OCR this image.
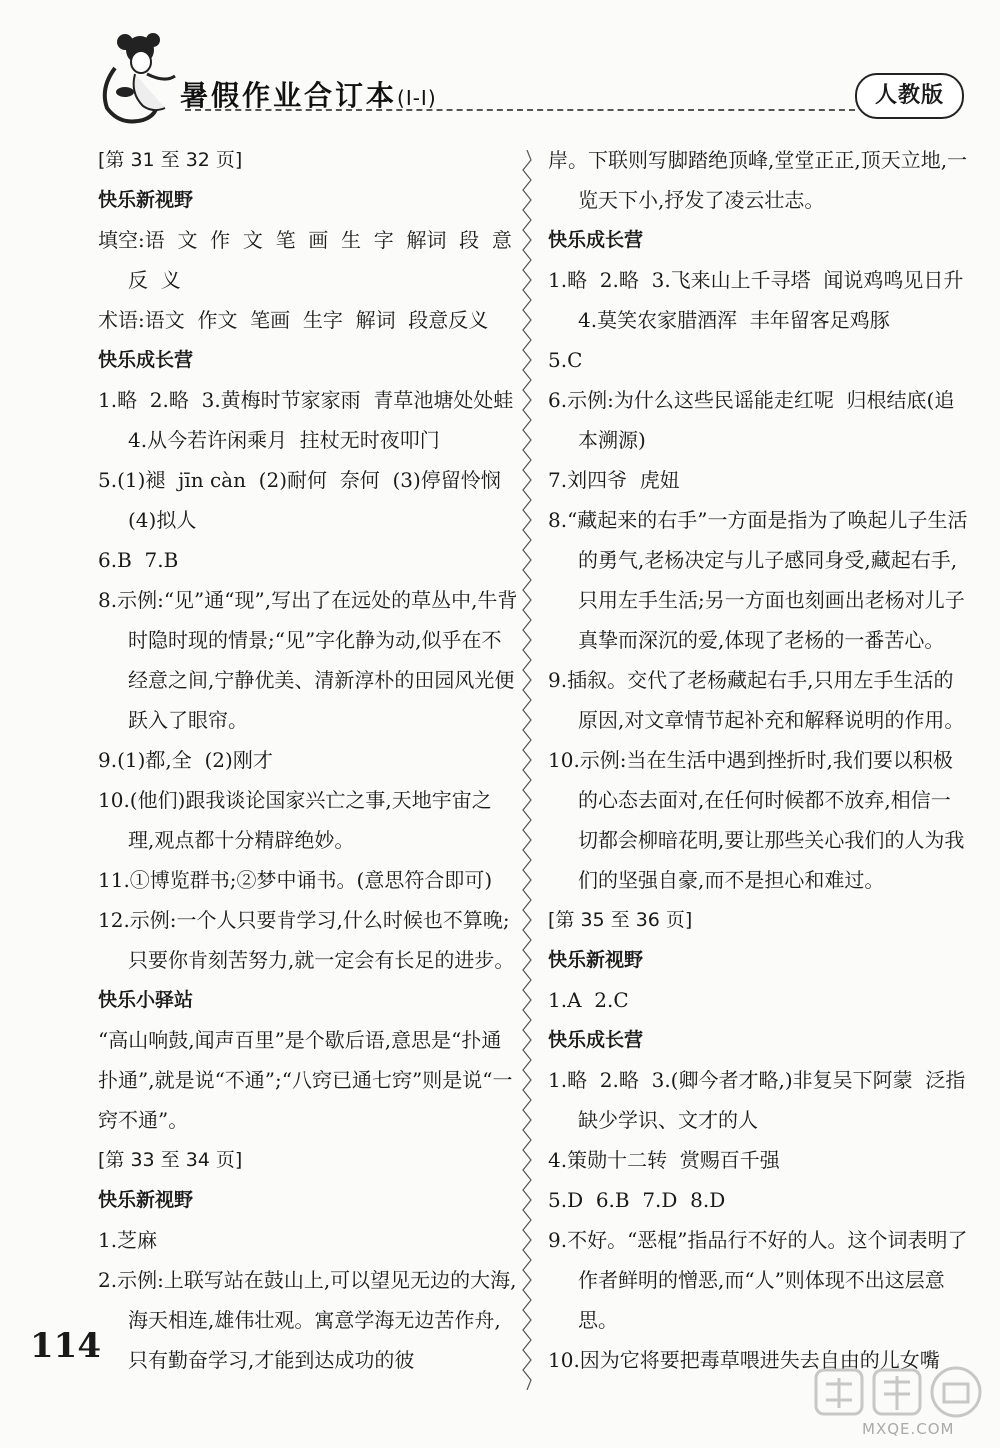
暑假作业合订本(Ⅰ-Ⅰ)	人教版
[第 31 至 32 页]
快乐新视野
填空:语  文  作  文  笔  画  生  字  解词  段  意  反  义
术语:语文  作文  笔画  生字  解词  段意反义
快乐成长营
1.略  2.略  3.黄梅时节家家雨  青草池塘处处蛙  4.从今若许闲乘月  拄杖无时夜叩门
5.(1)褪  jīn càn  (2)耐何  奈何  (3)停留怜悯  (4)拟人
6.B  7.B
8.示例:“见”通“现”,写出了在远处的草丛中,牛背时隐时现的情景;“见”字化静为动,似乎在不经意之间,宁静优美、清新淳朴的田园风光便跃入了眼帘。
9.(1)都,全  (2)刚才
10.(他们)跟我谈论国家兴亡之事,天地宇宙之理,观点都十分精辟绝妙。
11.①博览群书;②梦中诵书。(意思符合即可)
12.示例:一个人只要肯学习,什么时候也不算晚;只要你肯刻苦努力,就一定会有长足的进步。
快乐小驿站
“高山响鼓,闻声百里”是个歇后语,意思是“扑通扑通”,就是说“不通”;“八窍已通七窍”则是说“一窍不通”。
[第 33 至 34 页]
快乐新视野
1.芝麻
2.示例:上联写站在鼓山上,可以望见无边的大海,海天相连,雄伟壮观。寓意学海无边苦作舟,只有勤奋学习,才能到达成功的彼
岸。下联则写脚踏绝顶峰,堂堂正正,顶天立地,一览天下小,抒发了凌云壮志。
快乐成长营
1.略  2.略  3.飞来山上千寻塔  闻说鸡鸣见日升  4.莫笑农家腊酒浑  丰年留客足鸡豚
5.C
6.示例:为什么这些民谣能走红呢  归根结底(追本溯源)
7.刘四爷  虎妞
8.“藏起来的右手”一方面是指为了唤起儿子生活的勇气,老杨决定与儿子感同身受,藏起右手,只用左手生活;另一方面也刻画出老杨对儿子真挚而深沉的爱,体现了老杨的一番苦心。
9.插叙。交代了老杨藏起右手,只用左手生活的原因,对文章情节起补充和解释说明的作用。
10.示例:当在生活中遇到挫折时,我们要以积极的心态去面对,在任何时候都不放弃,相信一切都会柳暗花明,要让那些关心我们的人为我们的坚强自豪,而不是担心和难过。
[第 35 至 36 页]
快乐新视野
1.A  2.C
快乐成长营
1.略  2.略  3.(卿今者才略,)非复吴下阿蒙  泛指缺少学识、文才的人
4.策勋十二转  赏赐百千强
5.D  6.B  7.D  8.D
9.不好。“恶棍”指品行不好的人。这个词表明了作者鲜明的憎恶,而“人”则体现不出这层意思。
10.因为它将要把毒草喂进失去自由的儿女嘴
114
MXQE.COM
